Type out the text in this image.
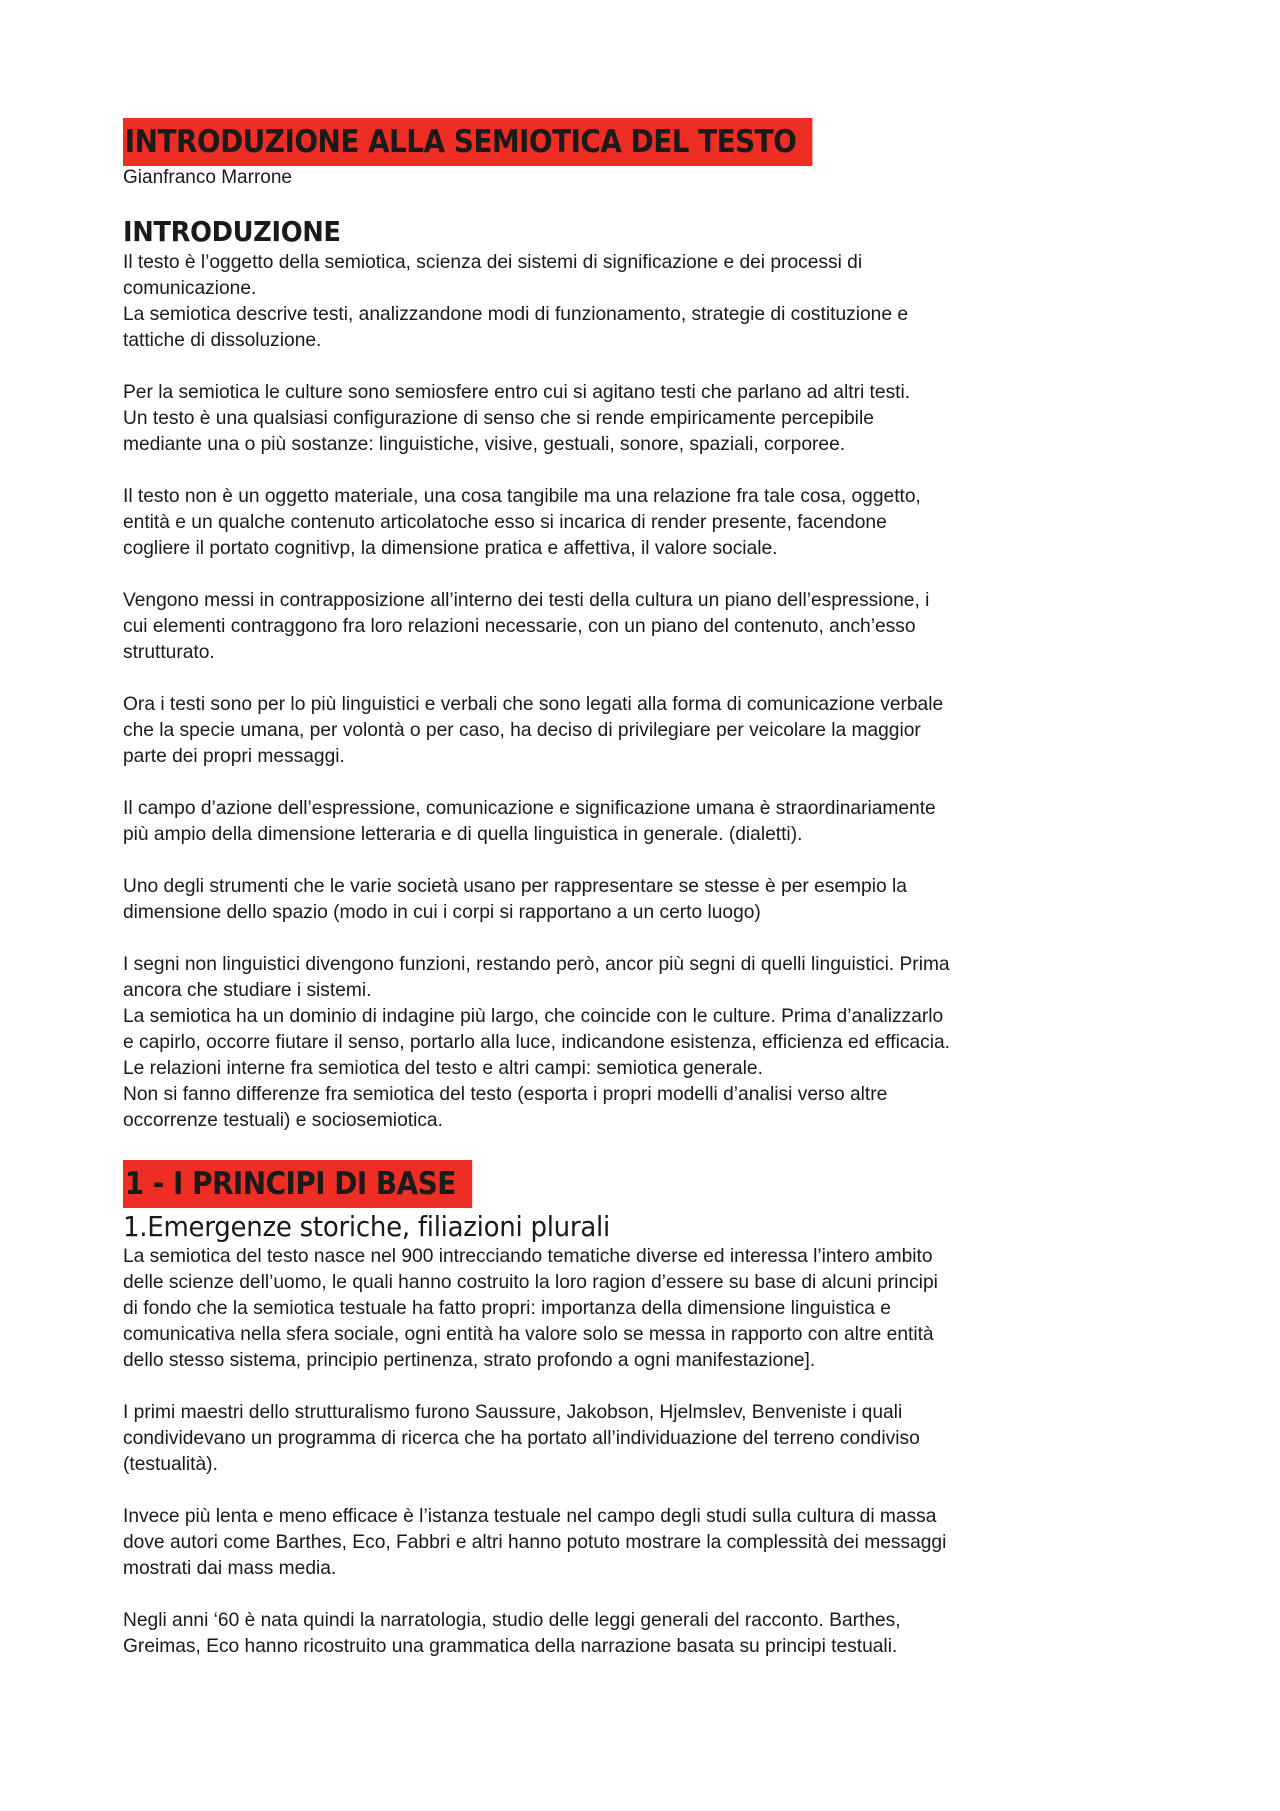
INTRODUZIONE ALLA SEMIOTICA DEL TESTO
Gianfranco Marrone
INTRODUZIONE
Il testo è l’oggetto della semiotica, scienza dei sistemi di significazione e dei processi di
comunicazione.
La semiotica descrive testi, analizzandone modi di funzionamento, strategie di costituzione e
tattiche di dissoluzione.
Per la semiotica le culture sono semiosfere entro cui si agitano testi che parlano ad altri testi.
Un testo è una qualsiasi configurazione di senso che si rende empiricamente percepibile
mediante una o più sostanze: linguistiche, visive, gestuali, sonore, spaziali, corporee.
Il testo non è un oggetto materiale, una cosa tangibile ma una relazione fra tale cosa, oggetto,
entità e un qualche contenuto articolatoche esso si incarica di render presente, facendone
cogliere il portato cognitivp, la dimensione pratica e affettiva, il valore sociale.
Vengono messi in contrapposizione all’interno dei testi della cultura un piano dell’espressione, i
cui elementi contraggono fra loro relazioni necessarie, con un piano del contenuto, anch’esso
strutturato.
Ora i testi sono per lo più linguistici e verbali che sono legati alla forma di comunicazione verbale
che la specie umana, per volontà o per caso, ha deciso di privilegiare per veicolare la maggior
parte dei propri messaggi.
Il campo d’azione dell’espressione, comunicazione e significazione umana è straordinariamente
più ampio della dimensione letteraria e di quella linguistica in generale. (dialetti).
Uno degli strumenti che le varie società usano per rappresentare se stesse è per esempio la
dimensione dello spazio (modo in cui i corpi si rapportano a un certo luogo)
I segni non linguistici divengono funzioni, restando però, ancor più segni di quelli linguistici. Prima
ancora che studiare i sistemi.
La semiotica ha un dominio di indagine più largo, che coincide con le culture. Prima d’analizzarlo
e capirlo, occorre fiutare il senso, portarlo alla luce, indicandone esistenza, efficienza ed efficacia.
Le relazioni interne fra semiotica del testo e altri campi: semiotica generale.
Non si fanno differenze fra semiotica del testo (esporta i propri modelli d’analisi verso altre
occorrenze testuali) e sociosemiotica.
1 - I PRINCIPI DI BASE
1.Emergenze storiche, filiazioni plurali
La semiotica del testo nasce nel 900 intrecciando tematiche diverse ed interessa l’intero ambito
delle scienze dell’uomo, le quali hanno costruito la loro ragion d’essere su base di alcuni principi
di fondo che la semiotica testuale ha fatto propri: importanza della dimensione linguistica e
comunicativa nella sfera sociale, ogni entità ha valore solo se messa in rapporto con altre entità
dello stesso sistema, principio pertinenza, strato profondo a ogni manifestazione].
I primi maestri dello strutturalismo furono Saussure, Jakobson, Hjelmslev, Benveniste i quali
condividevano un programma di ricerca che ha portato all’individuazione del terreno condiviso
(testualità).
Invece più lenta e meno efficace è l’istanza testuale nel campo degli studi sulla cultura di massa
dove autori come Barthes, Eco, Fabbri e altri hanno potuto mostrare la complessità dei messaggi
mostrati dai mass media.
Negli anni ‘60 è nata quindi la narratologia, studio delle leggi generali del racconto. Barthes,
Greimas, Eco hanno ricostruito una grammatica della narrazione basata su principi testuali.
